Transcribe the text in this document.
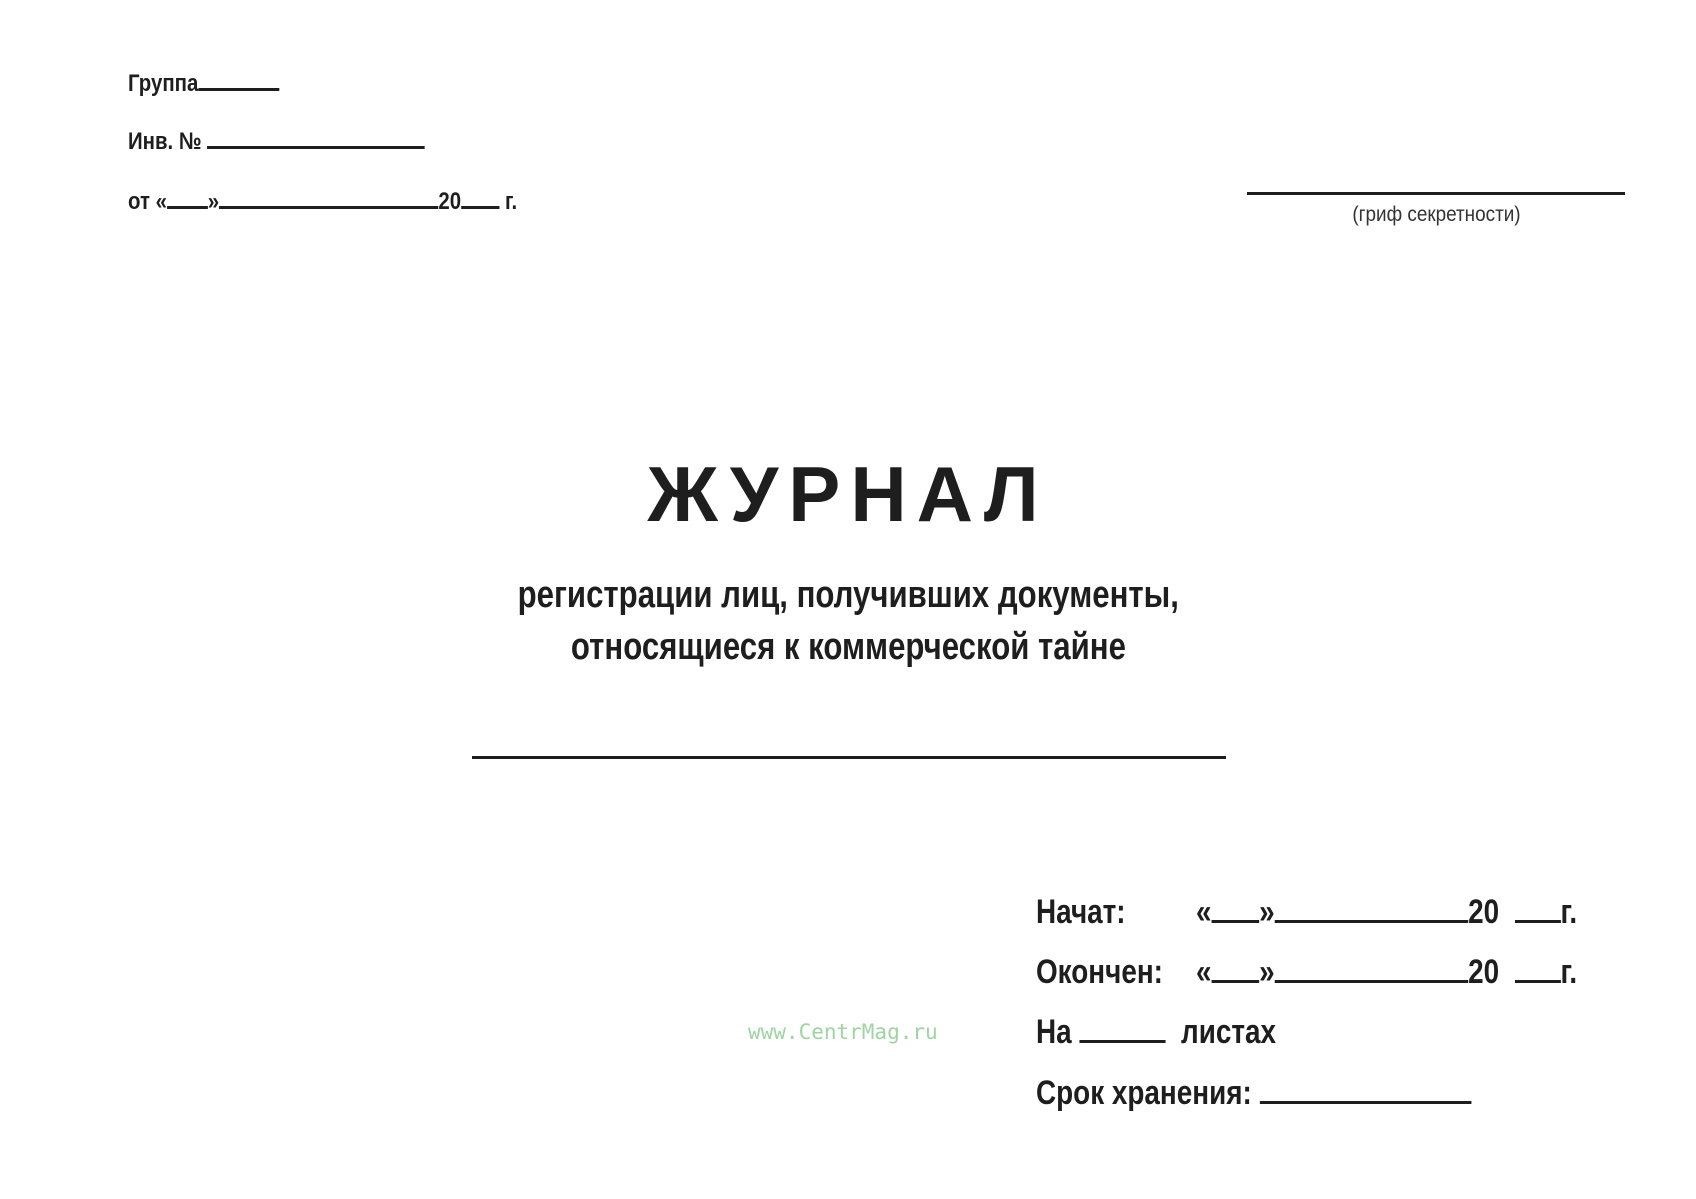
Группа
Инв. №
от « »	20 г.	(гриф секретности)
ЖУРНАЛ
регистрации лиц, получивших документы,
относящиеся к коммерческой тайне
Начат: « »	20 г.
Окончен: « »	20 г.
На	листах
Срок хранения:
www.CentrMag.ru
